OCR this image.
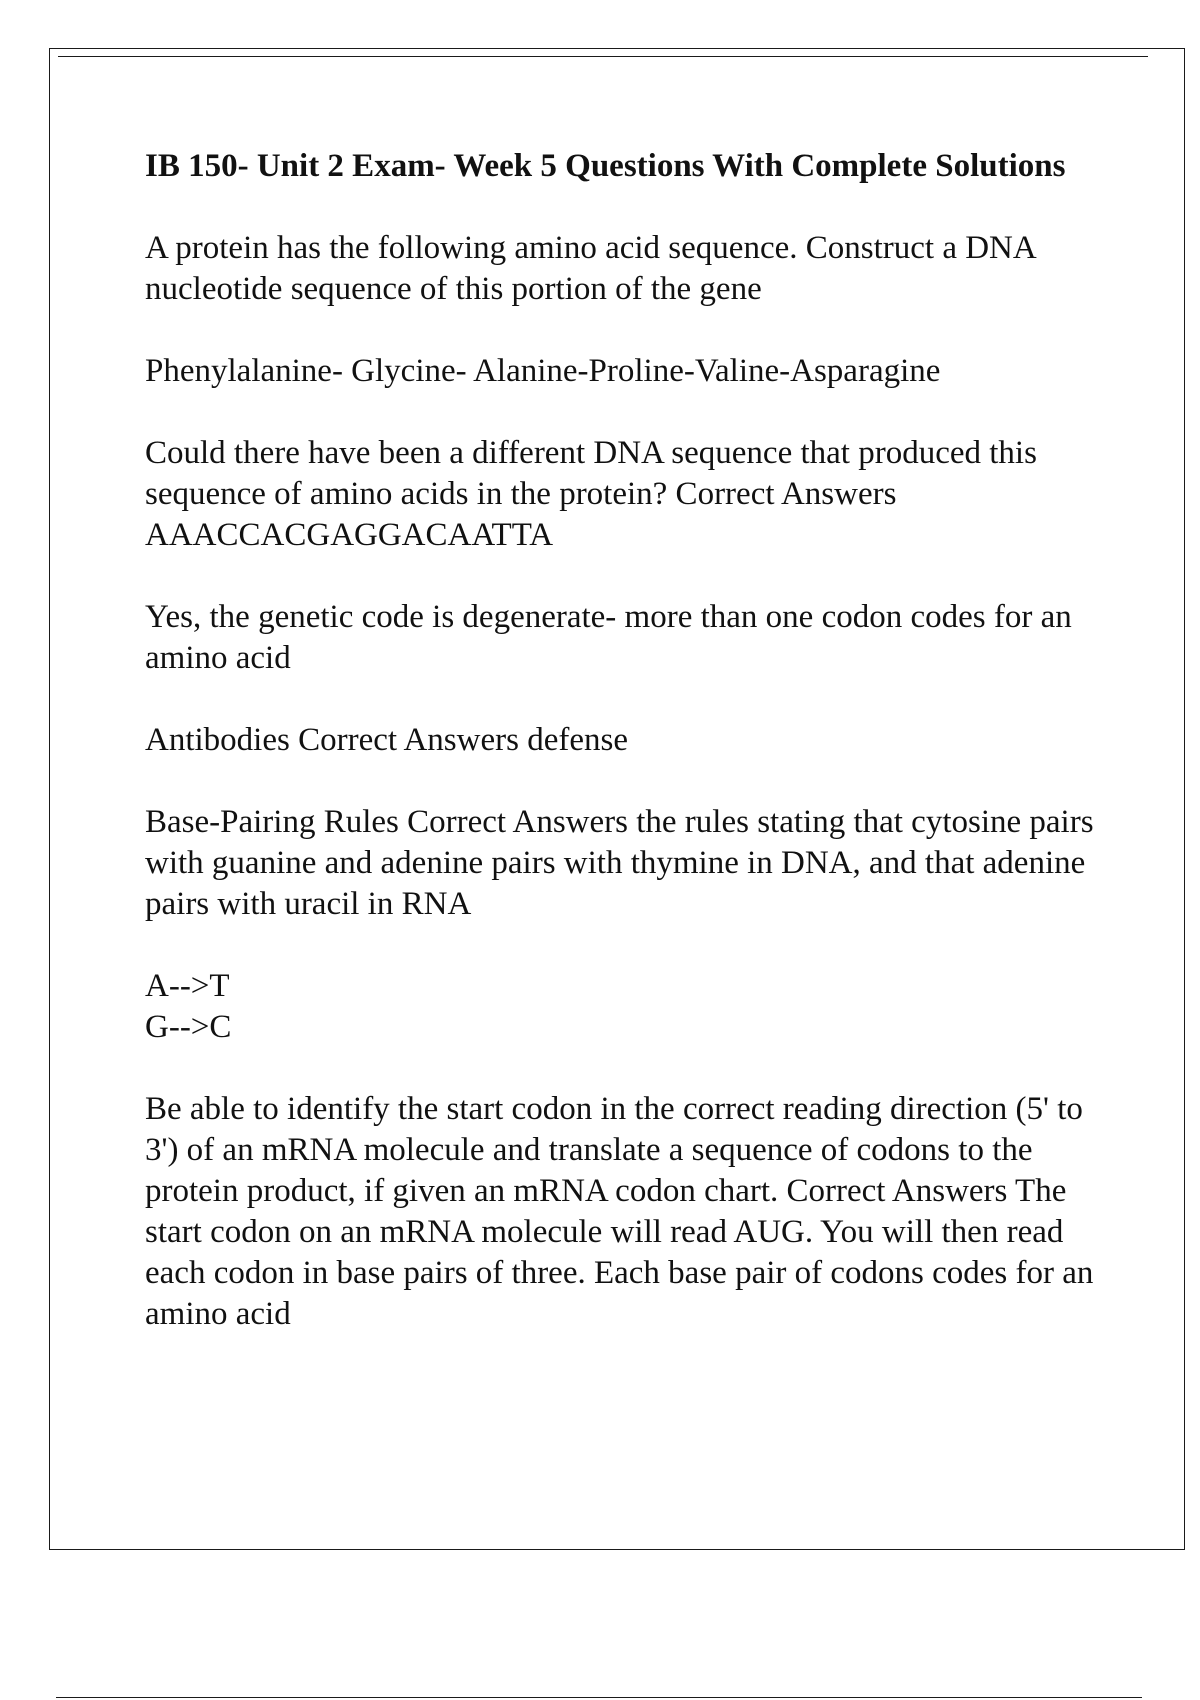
IB 150- Unit 2 Exam- Week 5 Questions With Complete Solutions
A protein has the following amino acid sequence. Construct a DNA nucleotide sequence of this portion of the gene
Phenylalanine- Glycine- Alanine-Proline-Valine-Asparagine
Could there have been a different DNA sequence that produced this sequence of amino acids in the protein? Correct Answers
AAACCACGAGGACAATTA
Yes, the genetic code is degenerate- more than one codon codes for an amino acid
Antibodies Correct Answers defense
Base-Pairing Rules Correct Answers the rules stating that cytosine pairs with guanine and adenine pairs with thymine in DNA, and that adenine pairs with uracil in RNA
A-->T
G-->C
Be able to identify the start codon in the correct reading direction (5' to 3') of an mRNA molecule and translate a sequence of codons to the protein product, if given an mRNA codon chart. Correct Answers The start codon on an mRNA molecule will read AUG. You will then read each codon in base pairs of three. Each base pair of codons codes for an amino acid
